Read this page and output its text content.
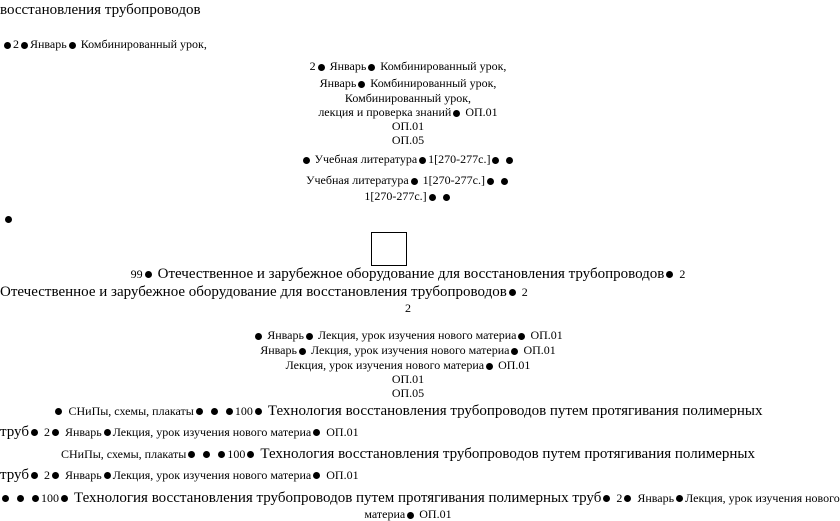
восстановления трубопроводов
2 Январь Комбинированный урок,
2 Январь Комбинированный урок,
Январь Комбинированный урок,
Комбинированный урок,
лекция и проверка знаний ОП.01
ОП.01
ОП.05
Учебная литература 1[270-277с.]
Учебная литература 1[270-277с.]
1[270-277с.]
99 Отечественное и зарубежное оборудование для восстановления трубопроводов 2
Отечественное и зарубежное оборудование для восстановления трубопроводов 2
2
Январь Лекция, урок изучения нового материа ОП.01
Январь Лекция, урок изучения нового материа ОП.01
Лекция, урок изучения нового материа ОП.01
ОП.01
ОП.05
СНиПы, схемы, плакаты	100 Технология восстановления трубопроводов путем протягивания полимерных
труб 2 Январь Лекция, урок изучения нового материа ОП.01
СНиПы, схемы, плакаты	100 Технология восстановления трубопроводов путем протягивания полимерных
труб 2 Январь Лекция, урок изучения нового материа ОП.01
100 Технология восстановления трубопроводов путем протягивания полимерных труб 2 Январь Лекция, урок изучения нового
материа ОП.01
